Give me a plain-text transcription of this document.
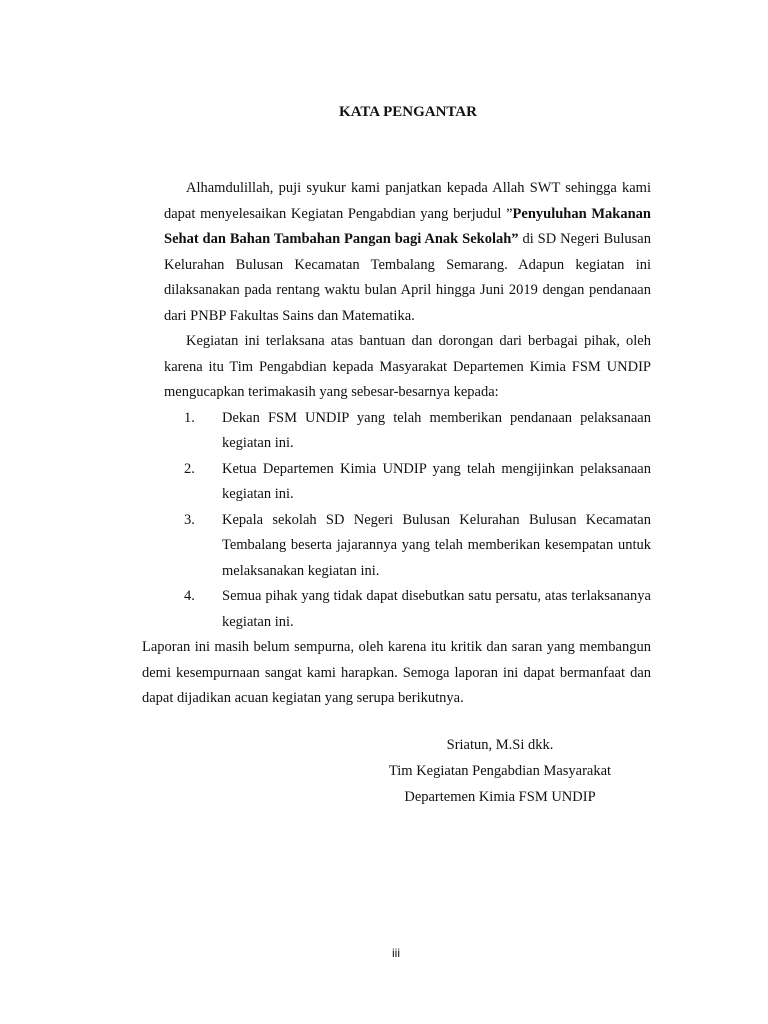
KATA PENGANTAR

Alhamdulillah, puji syukur kami panjatkan kepada Allah SWT sehingga kami dapat menyelesaikan Kegiatan Pengabdian yang berjudul ”Penyuluhan Makanan Sehat dan Bahan Tambahan Pangan bagi Anak Sekolah” di SD Negeri Bulusan Kelurahan Bulusan Kecamatan Tembalang Semarang. Adapun kegiatan ini dilaksanakan pada rentang waktu bulan April hingga Juni 2019 dengan pendanaan dari PNBP Fakultas Sains dan Matematika.

Kegiatan ini terlaksana atas bantuan dan dorongan dari berbagai pihak, oleh karena itu Tim Pengabdian kepada Masyarakat Departemen Kimia FSM UNDIP mengucapkan terimakasih yang sebesar-besarnya kepada:

1. Dekan FSM UNDIP yang telah memberikan pendanaan pelaksanaan kegiatan ini.
2. Ketua Departemen Kimia UNDIP yang telah mengijinkan pelaksanaan kegiatan ini.
3. Kepala sekolah SD Negeri Bulusan Kelurahan Bulusan Kecamatan Tembalang beserta jajarannya yang telah memberikan kesempatan untuk melaksanakan kegiatan ini.
4. Semua pihak yang tidak dapat disebutkan satu persatu, atas terlaksananya kegiatan ini.

Laporan ini masih belum sempurna, oleh karena itu kritik dan saran yang membangun demi kesempurnaan sangat kami harapkan. Semoga laporan ini dapat bermanfaat dan dapat dijadikan acuan kegiatan yang serupa berikutnya.

Sriatun, M.Si dkk.
Tim Kegiatan Pengabdian Masyarakat
Departemen Kimia FSM UNDIP
iii
